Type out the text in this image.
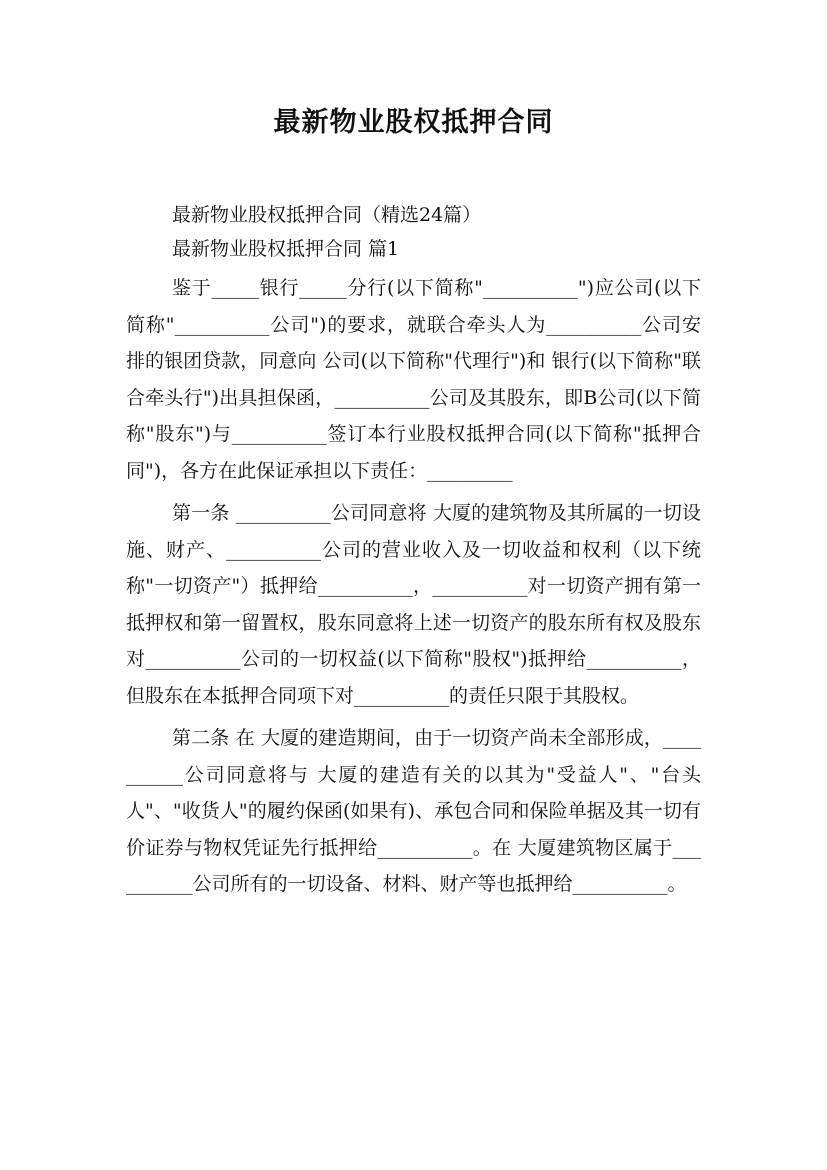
最新物业股权抵押合同

最新物业股权抵押合同（精选24篇）

最新物业股权抵押合同 篇1

鉴于_____银行_____分行(以下简称"__________")应公司(以下简称"__________公司")的要求，就联合牵头人为__________公司安排的银团贷款，同意向 公司(以下简称"代理行")和 银行(以下简称"联合牵头行")出具担保函，__________公司及其股东，即B公司(以下简称"股东")与__________签订本行业股权抵押合同(以下简称"抵押合同")，各方在此保证承担以下责任：_________

第一条 __________公司同意将 大厦的建筑物及其所属的一切设施、财产、__________公司的营业收入及一切收益和权利（以下统称"一切资产"）抵押给__________，__________对一切资产拥有第一抵押权和第一留置权，股东同意将上述一切资产的股东所有权及股东对__________公司的一切权益(以下简称"股权")抵押给__________，但股东在本抵押合同项下对__________的责任只限于其股权。

第二条 在 大厦的建造期间，由于一切资产尚未全部形成，__________公司同意将与 大厦的建造有关的以其为"受益人"、"台头人"、"收货人"的履约保函(如果有)、承包合同和保险单据及其一切有价证券与物权凭证先行抵押给__________。在 大厦建筑物区属于__________公司所有的一切设备、材料、财产等也抵押给__________。
